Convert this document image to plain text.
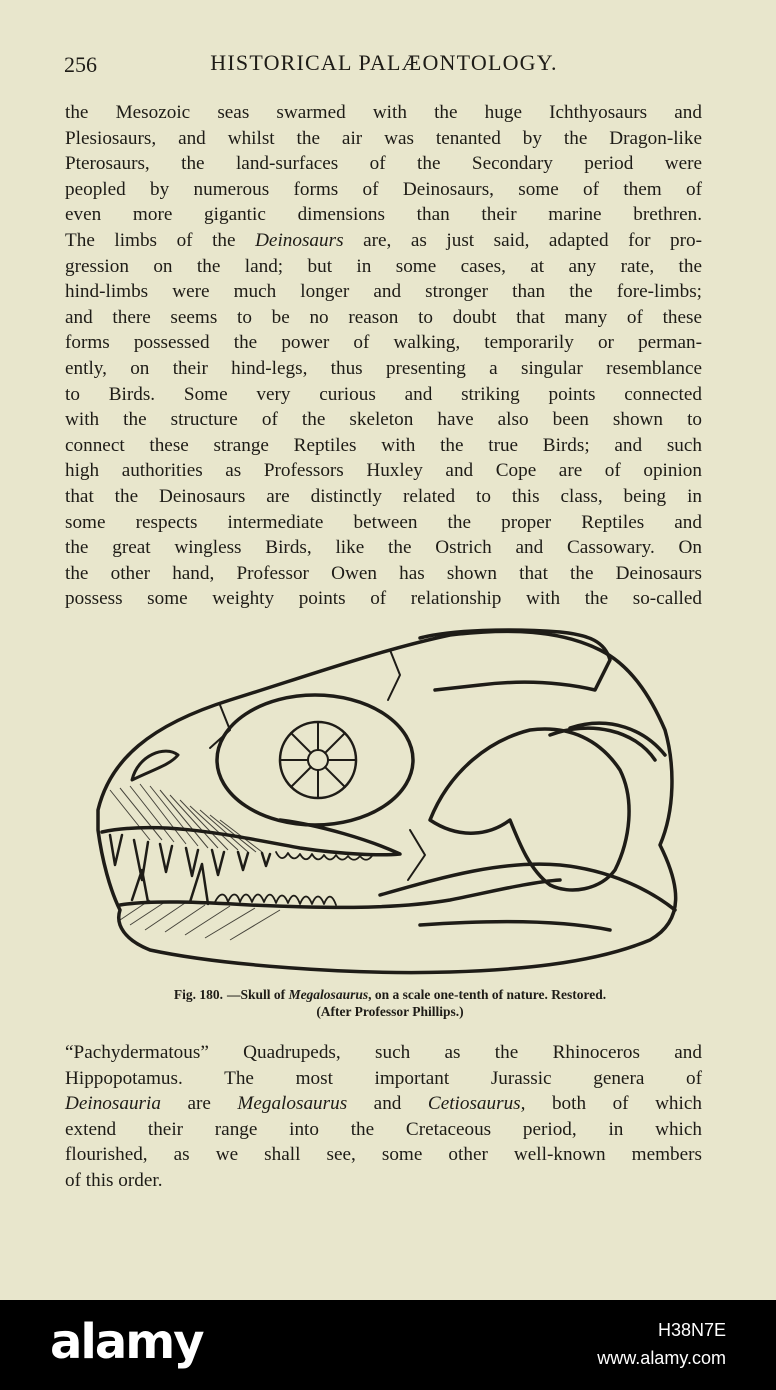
256	HISTORICAL PALÆONTOLOGY.
the Mesozoic seas swarmed with the huge Ichthyosaurs and
Plesiosaurs, and whilst the air was tenanted by the Dragon-like
Pterosaurs, the land-surfaces of the Secondary period were
peopled by numerous forms of Deinosaurs, some of them of
even more gigantic dimensions than their marine brethren.
The limbs of the Deinosaurs are, as just said, adapted for pro-
gression on the land; but in some cases, at any rate, the
hind-limbs were much longer and stronger than the fore-limbs;
and there seems to be no reason to doubt that many of these
forms possessed the power of walking, temporarily or perman-
ently, on their hind-legs, thus presenting a singular resemblance
to Birds. Some very curious and striking points connected
with the structure of the skeleton have also been shown to
connect these strange Reptiles with the true Birds; and such
high authorities as Professors Huxley and Cope are of opinion
that the Deinosaurs are distinctly related to this class, being in
some respects intermediate between the proper Reptiles and
the great wingless Birds, like the Ostrich and Cassowary. On
the other hand, Professor Owen has shown that the Deinosaurs
possess some weighty points of relationship with the so-called
Fig. 180. —Skull of Megalosaurus, on a scale one-tenth of nature. Restored.
(After Professor Phillips.)
“Pachydermatous” Quadrupeds, such as the Rhinoceros and
Hippopotamus. The most important Jurassic genera of
Deinosauria are Megalosaurus and Cetiosaurus, both of which
extend their range into the Cretaceous period, in which
flourished, as we shall see, some other well-known members
of this order.
alamy	H38N7E
www.alamy.com
